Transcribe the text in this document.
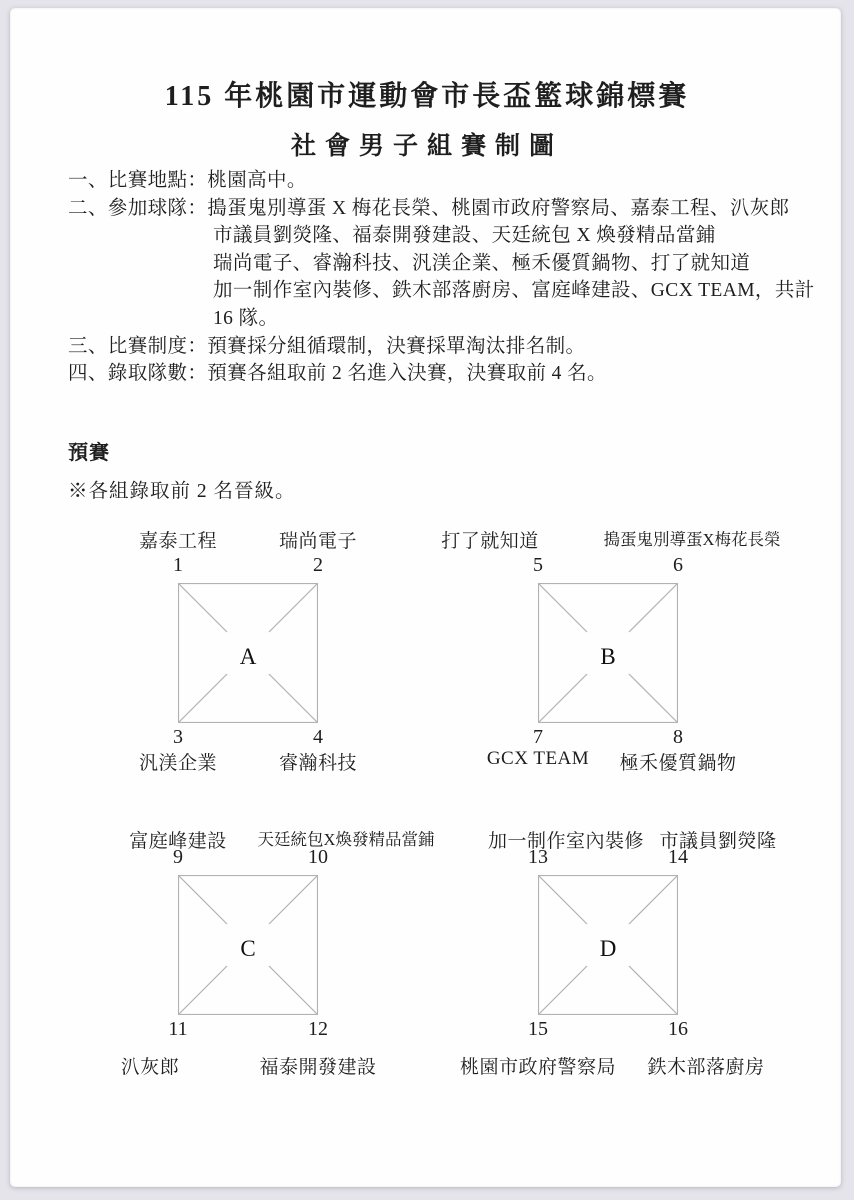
115 年桃園市運動會市長盃籃球錦標賽
社會男子組賽制圖
一、比賽地點：桃園高中。
二、參加球隊：搗蛋鬼別導蛋 X 梅花長榮、桃園市政府警察局、嘉泰工程、汃灰郎
市議員劉熒隆、福泰開發建設、天廷統包 X 煥發精品當鋪
瑞尚電子、睿瀚科技、汎渼企業、極禾優質鍋物、打了就知道
加一制作室內裝修、鉄木部落廚房、富庭峰建設、GCX TEAM，共計
16 隊。
三、比賽制度：預賽採分組循環制，決賽採單淘汰排名制。
四、錄取隊數：預賽各組取前 2 名進入決賽，決賽取前 4 名。
預賽
※各組錄取前 2 名晉級。
嘉泰工程	瑞尚電子
1	2
A
3	4
汎渼企業	睿瀚科技
打了就知道	搗蛋鬼別導蛋X梅花長榮
5	6
B
7	8
GCX TEAM	極禾優質鍋物
富庭峰建設	天廷統包X煥發精品當鋪
9	10
C
11	12
汃灰郎	福泰開發建設
加一制作室內裝修 市議員劉熒隆
13	14
D
15	16
桃園市政府警察局	鉄木部落廚房
